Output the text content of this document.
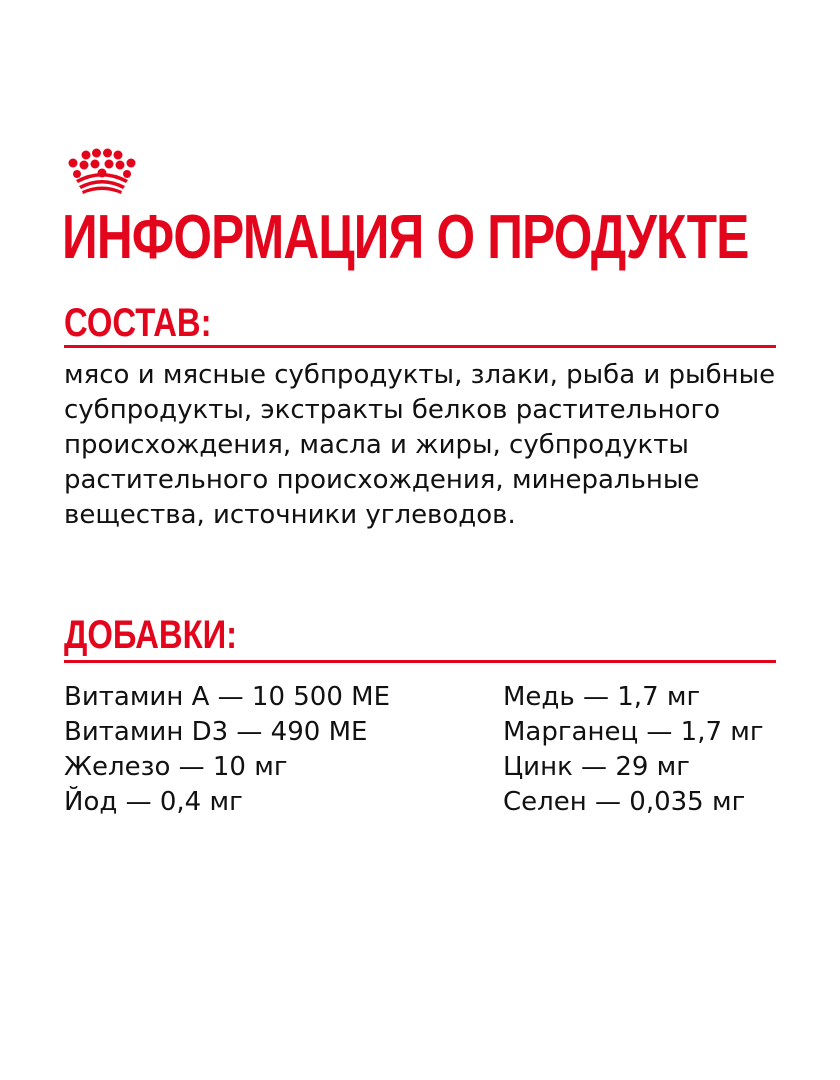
ИНФОРМАЦИЯ О ПРОДУКТЕ
СОСТАВ:

мясо и мясные субпродукты, злаки, рыба и рыбные субпродукты, экстракты белков растительного происхождения, масла и жиры, субпродукты растительного происхождения, минеральные вещества, источники углеводов.

ДОБАВКИ:
Витамин А — 10 500 МЕ
Витамин D3 — 490 МЕ
Железо — 10 мг
Йод — 0,4 мг
Медь — 1,7 мг
Марганец — 1,7 мг
Цинк — 29 мг
Селен — 0,035 мг
